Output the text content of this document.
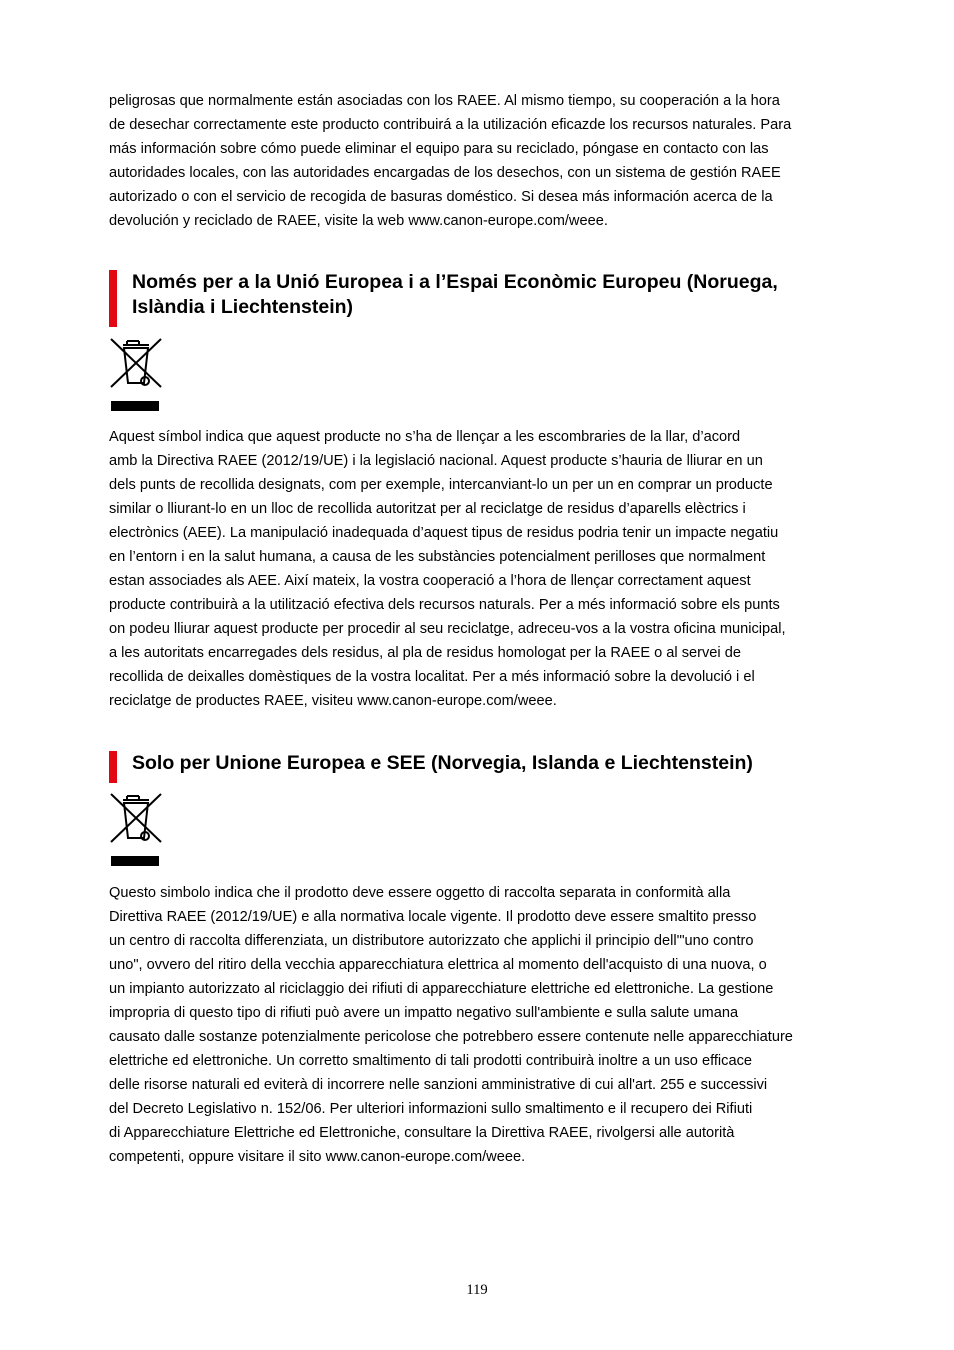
peligrosas que normalmente están asociadas con los RAEE. Al mismo tiempo, su cooperación a la hora
de desechar correctamente este producto contribuirá a la utilización eficazde los recursos naturales. Para
más información sobre cómo puede eliminar el equipo para su reciclado, póngase en contacto con las
autoridades locales, con las autoridades encargadas de los desechos, con un sistema de gestión RAEE
autorizado o con el servicio de recogida de basuras doméstico. Si desea más información acerca de la
devolución y reciclado de RAEE, visite la web www.canon-europe.com/weee.

Només per a la Unió Europea i a l’Espai Econòmic Europeu (Noruega,
Islàndia i Liechtenstein)

Aquest símbol indica que aquest producte no s’ha de llençar a les escombraries de la llar, d’acord
amb la Directiva RAEE (2012/19/UE) i la legislació nacional. Aquest producte s’hauria de lliurar en un
dels punts de recollida designats, com per exemple, intercanviant-lo un per un en comprar un producte
similar o lliurant-lo en un lloc de recollida autoritzat per al reciclatge de residus d’aparells elèctrics i
electrònics (AEE). La manipulació inadequada d’aquest tipus de residus podria tenir un impacte negatiu
en l’entorn i en la salut humana, a causa de les substàncies potencialment perilloses que normalment
estan associades als AEE. Així mateix, la vostra cooperació a l’hora de llençar correctament aquest
producte contribuirà a la utilització efectiva dels recursos naturals. Per a més informació sobre els punts
on podeu lliurar aquest producte per procedir al seu reciclatge, adreceu-vos a la vostra oficina municipal,
a les autoritats encarregades dels residus, al pla de residus homologat per la RAEE o al servei de
recollida de deixalles domèstiques de la vostra localitat. Per a més informació sobre la devolució i el
reciclatge de productes RAEE, visiteu www.canon-europe.com/weee.

Solo per Unione Europea e SEE (Norvegia, Islanda e Liechtenstein)

Questo simbolo indica che il prodotto deve essere oggetto di raccolta separata in conformità alla
Direttiva RAEE (2012/19/UE) e alla normativa locale vigente. Il prodotto deve essere smaltito presso
un centro di raccolta differenziata, un distributore autorizzato che applichi il principio dell'"uno contro
uno", ovvero del ritiro della vecchia apparecchiatura elettrica al momento dell'acquisto di una nuova, o
un impianto autorizzato al riciclaggio dei rifiuti di apparecchiature elettriche ed elettroniche. La gestione
impropria di questo tipo di rifiuti può avere un impatto negativo sull'ambiente e sulla salute umana
causato dalle sostanze potenzialmente pericolose che potrebbero essere contenute nelle apparecchiature
elettriche ed elettroniche. Un corretto smaltimento di tali prodotti contribuirà inoltre a un uso efficace
delle risorse naturali ed eviterà di incorrere nelle sanzioni amministrative di cui all'art. 255 e successivi
del Decreto Legislativo n. 152/06. Per ulteriori informazioni sullo smaltimento e il recupero dei Rifiuti
di Apparecchiature Elettriche ed Elettroniche, consultare la Direttiva RAEE, rivolgersi alle autorità
competenti, oppure visitare il sito www.canon-europe.com/weee.

119
